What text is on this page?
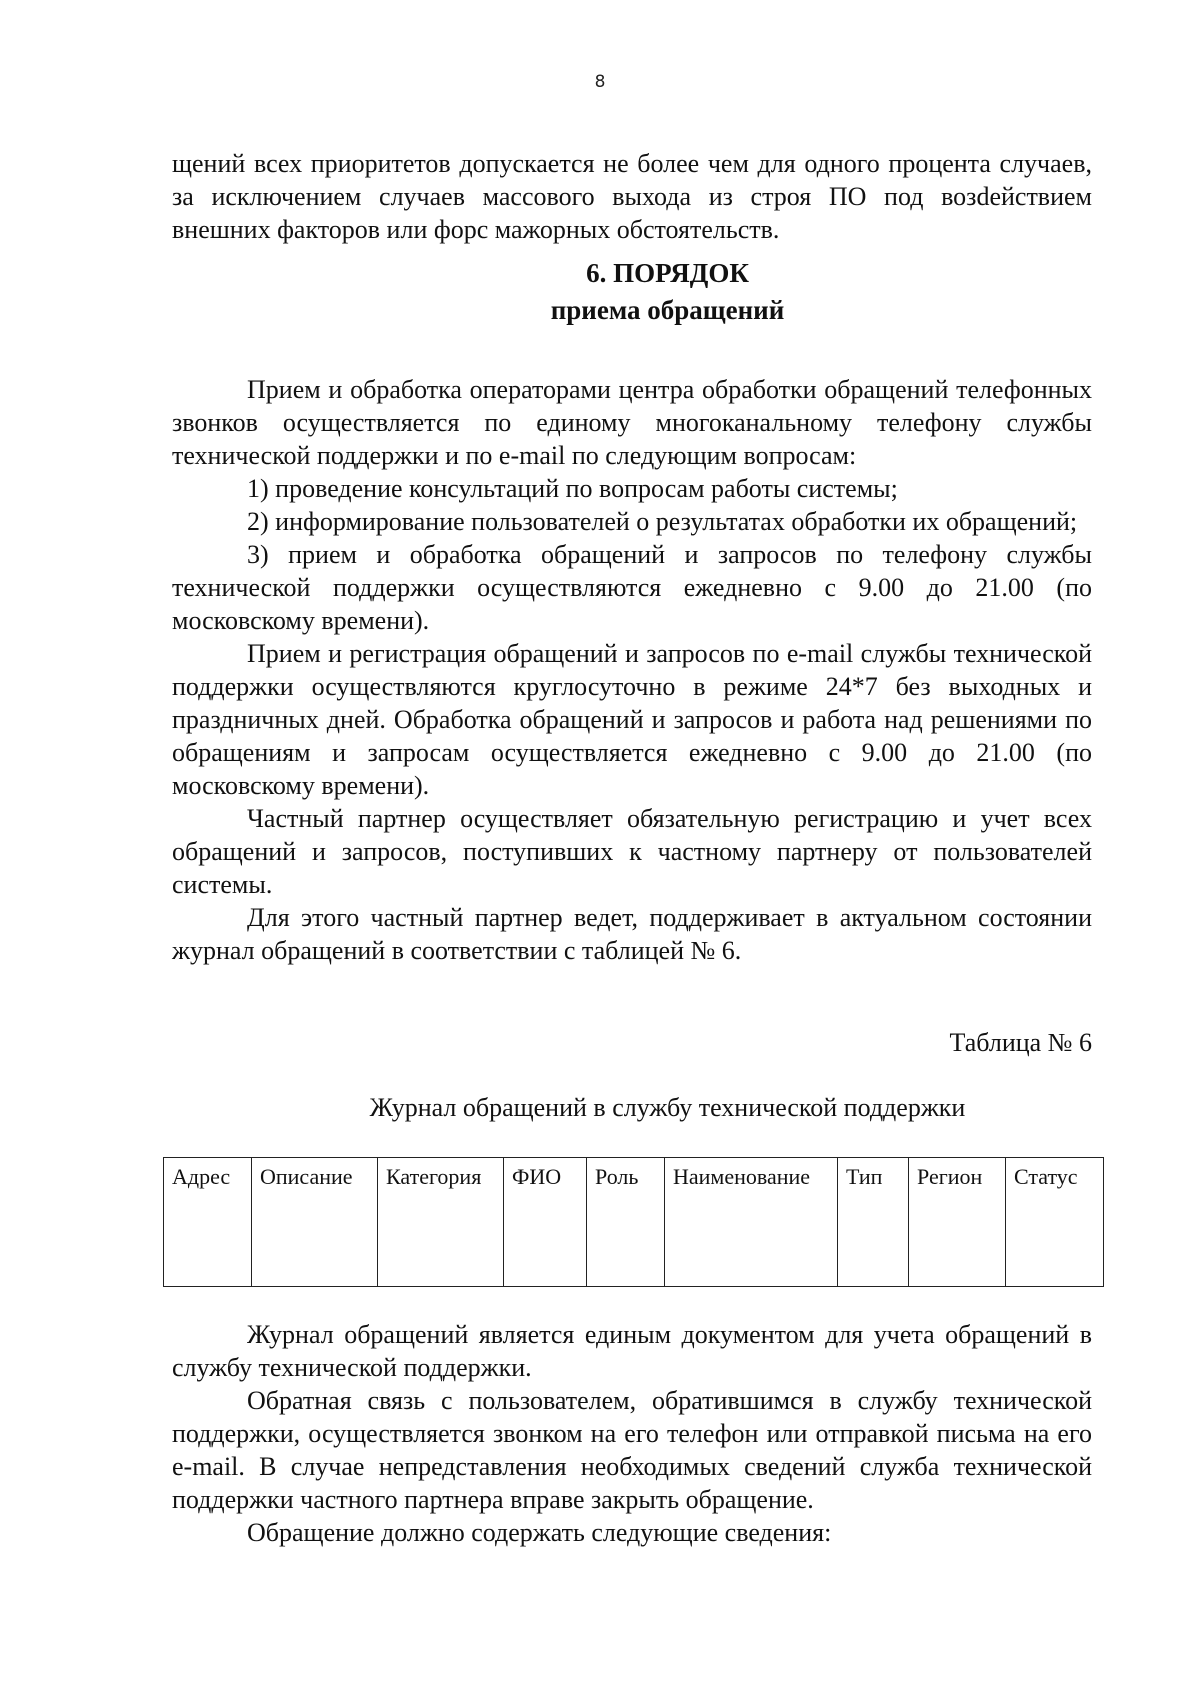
8

щений всех приоритетов допускается не более чем для одного процента случаев, за исключением случаев массового выхода из строя ПО под возdействием внешних факторов или форс мажорных обстоятельств.

6. ПОРЯДОК
приема обращений

Прием и обработка операторами центра обработки обращений телефонных звонков осуществляется по единому многоканальному телефону службы технической поддержки и по e-mail по следующим вопросам:

1) проведение консультаций по вопросам работы системы;

2) информирование пользователей о результатах обработки их обращений;

3) прием и обработка обращений и запросов по телефону службы технической поддержки осуществляются ежедневно с 9.00 до 21.00 (по московскому времени).

Прием и регистрация обращений и запросов по e-mail службы технической поддержки осуществляются круглосуточно в режиме 24*7 без выходных и праздничных дней. Обработка обращений и запросов и работа над решениями по обращениям и запросам осуществляется ежедневно с 9.00 до 21.00 (по московскому времени).

Частный партнер осуществляет обязательную регистрацию и учет всех обращений и запросов, поступивших к частному партнеру от пользователей системы.

Для этого частный партнер ведет, поддерживает в актуальном состоянии журнал обращений в соответствии с таблицей № 6.

Таблица № 6
Журнал обращений в службу технической поддержки
Адрес	Описание	Категория	ФИО	Роль	Наименование	Тип	Регион	Статус

Журнал обращений является единым документом для учета обращений в службу технической поддержки.

Обратная связь с пользователем, обратившимся в службу технической поддержки, осуществляется звонком на его телефон или отправкой письма на его e-mail. В случае непредставления необходимых сведений служба технической поддержки частного партнера вправе закрыть обращение.

Обращение должно содержать следующие сведения:
